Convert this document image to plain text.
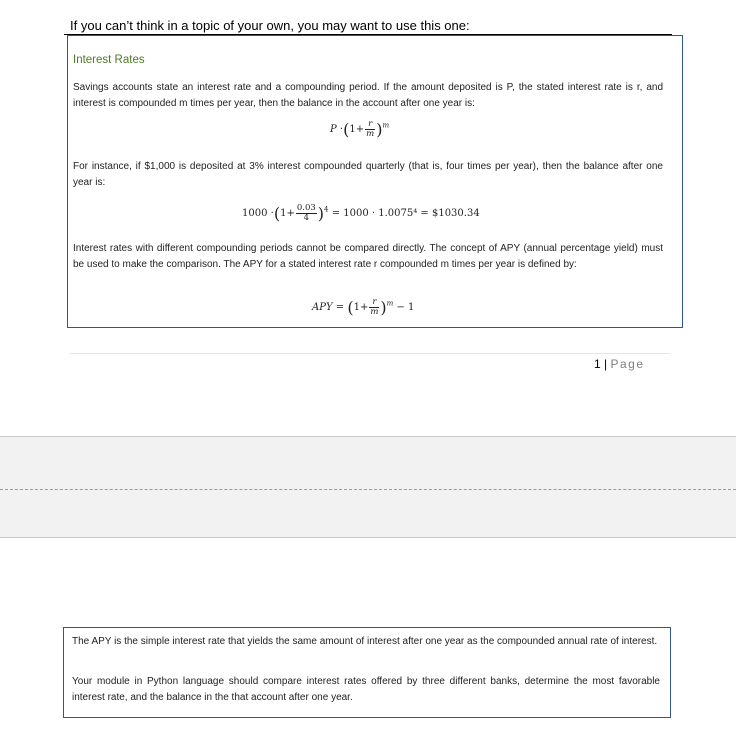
If you can’t think in a topic of your own, you may want to use this one:
Interest Rates
Savings accounts state an interest rate and a compounding period. If the amount deposited is P, the stated interest rate is r, and interest is compounded m times per year, then the balance in the account after one year is:
$P \cdot(1+ \frac{r}{m} )^m$
For instance, if $1,000 is deposited at 3% interest compounded quarterly (that is, four times per year), then the balance after one year is:
$1000 \cdot(1+ \frac{0.03}{4} )^4 = 1000 \cdot 1.0075^4$ = $1030.34
Interest rates with different compounding periods cannot be compared directly. The concept of APY (annual percentage yield) must be used to make the comparison. The APY for a stated interest rate r compounded m times per year is defined by:
APY = $(1+ \frac{r}{m} )^m - 1$
1 | Page
The APY is the simple interest rate that yields the same amount of interest after one year as the compounded annual rate of interest.
Your module in Python language should compare interest rates offered by three different banks, determine the most favorable interest rate, and the balance in the that account after one year.
